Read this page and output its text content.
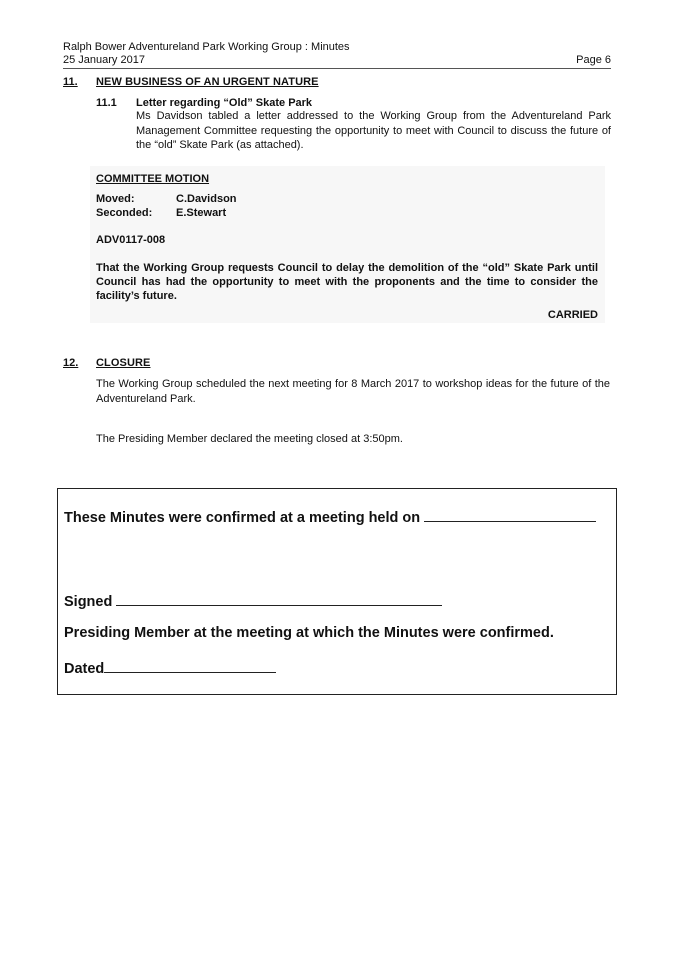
Ralph Bower Adventureland Park Working Group : Minutes
25 January 2017	Page 6
11. NEW BUSINESS OF AN URGENT NATURE
11.1 Letter regarding “Old” Skate Park
Ms Davidson tabled a letter addressed to the Working Group from the Adventureland Park Management Committee requesting the opportunity to meet with Council to discuss the future of the “old” Skate Park (as attached).
COMMITTEE MOTION
Moved:	C.Davidson
Seconded: E.Stewart
ADV0117-008
That the Working Group requests Council to delay the demolition of the “old” Skate Park until Council has had the opportunity to meet with the proponents and the time to consider the facility’s future.
CARRIED
12. CLOSURE
The Working Group scheduled the next meeting for 8 March 2017 to workshop ideas for the future of the Adventureland Park.
The Presiding Member declared the meeting closed at 3:50pm.
These Minutes were confirmed at a meeting held on
Signed
Presiding Member at the meeting at which the Minutes were confirmed.
Dated
